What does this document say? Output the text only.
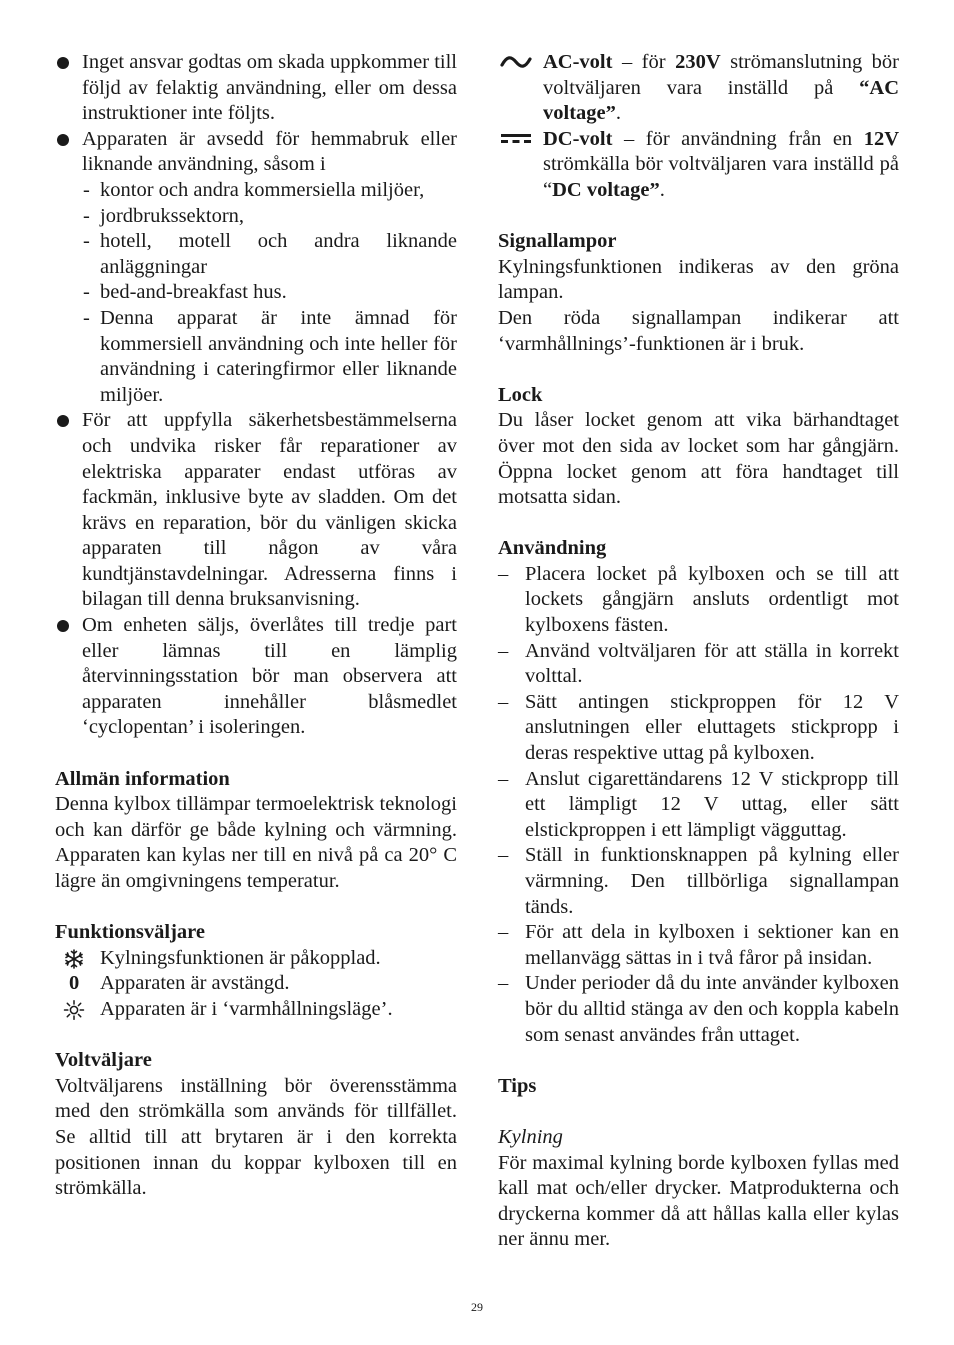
Inget ansvar godtas om skada uppkommer till följd av felaktig användning, eller om dessa instruktioner inte följts.
Apparaten är avsedd för hemmabruk eller liknande användning, såsom i
- kontor och andra kommersiella miljöer,
- jordbrukssektorn,
- hotell, motell och andra liknande anläggningar
- bed-and-breakfast hus.
- Denna apparat är inte ämnad för kommersiell användning och inte heller för användning i cateringfirmor eller liknande miljöer.
För att uppfylla säkerhetsbestämmelserna och undvika risker får reparationer av elektriska apparater endast utföras av fackmän, inklusive byte av sladden. Om det krävs en reparation, bör du vänligen skicka apparaten till någon av våra kundtjänstavdelningar. Adresserna finns i bilagan till denna bruksanvisning.
Om enheten säljs, överlåtes till tredje part eller lämnas till en lämplig återvinningsstation bör man observera att apparaten innehåller blåsmedlet ‘cyclopentan’ i isoleringen.

Allmän information

Denna kylbox tillämpar termoelektrisk teknologi och kan därför ge både kylning och värmning. Apparaten kan kylas ner till en nivå på ca 20° C lägre än omgivningens temperatur.

Funktionsväljare

Kylningsfunktionen är påkopplad.
0 Apparaten är avstängd.
Apparaten är i ‘varmhållningsläge’.

Voltväljare

Voltväljarens inställning bör överensstämma med den strömkälla som används för tillfället. Se alltid till att brytaren är i den korrekta positionen innan du koppar kylboxen till en strömkälla.

AC-volt – för 230V strömanslutning bör voltväljaren vara inställd på “AC voltage”.
DC-volt – för användning från en 12V strömkälla bör voltväljaren vara inställd på “DC voltage”.

Signallampor

Kylningsfunktionen indikeras av den gröna lampan.

Den röda signallampan indikerar att ‘varmhållnings’-funktionen är i bruk.

Lock

Du låser locket genom att vika bärhandtaget över mot den sida av locket som har gångjärn. Öppna locket genom att föra handtaget till motsatta sidan.

Användning

– Placera locket på kylboxen och se till att lockets gångjärn ansluts ordentligt mot kylboxens fästen.
– Använd voltväljaren för att ställa in korrekt volttal.
– Sätt antingen stickproppen för 12 V anslutningen eller eluttagets stickpropp i deras respektive uttag på kylboxen.
– Anslut cigarettändarens 12 V stickpropp till ett lämpligt 12 V uttag, eller sätt elstickproppen i ett lämpligt vägguttag.
– Ställ in funktionsknappen på kylning eller värmning. Den tillbörliga signallampan tänds.
– För att dela in kylboxen i sektioner kan en mellanvägg sättas in i två fåror på insidan.
– Under perioder då du inte använder kylboxen bör du alltid stänga av den och koppla kabeln som senast användes från uttaget.

Tips

Kylning

För maximal kylning borde kylboxen fyllas med kall mat och/eller drycker. Matprodukterna och dryckerna kommer då att hållas kalla eller kylas ner ännu mer.

29
